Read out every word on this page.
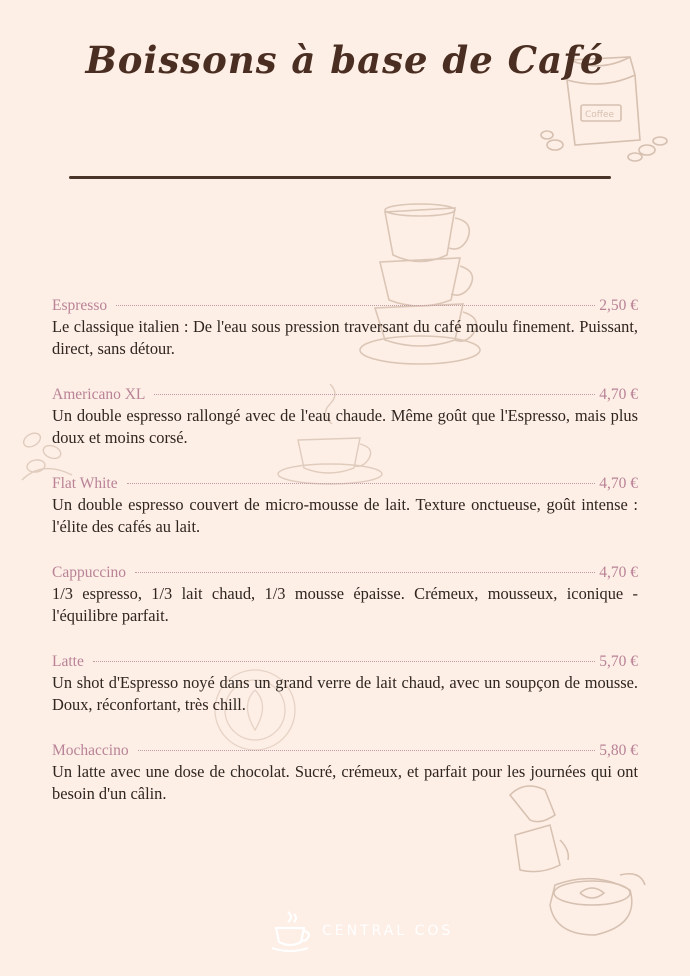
Coffee
Boissons à base de Café
Espresso	2,50 €
Le classique italien : De l'eau sous pression traversant du café moulu finement. Puissant, direct, sans détour.
Americano XL	4,70 €
Un double espresso rallongé avec de l'eau chaude. Même goût que l'Espresso, mais plus doux et moins corsé.
Flat White	4,70 €
Un double espresso couvert de micro-mousse de lait. Texture onctueuse, goût intense : l'élite des cafés au lait.
Cappuccino	4,70 €
1/3 espresso, 1/3 lait chaud, 1/3 mousse épaisse. Crémeux, mousseux, iconique - l'équilibre parfait.
Latte	5,70 €
Un shot d'Espresso noyé dans un grand verre de lait chaud, avec un soupçon de mousse. Doux, réconfortant, très chill.
Mochaccino	5,80 €
Un latte avec une dose de chocolat. Sucré, crémeux, et parfait pour les journées qui ont besoin d'un câlin.
CENTRAL COS
